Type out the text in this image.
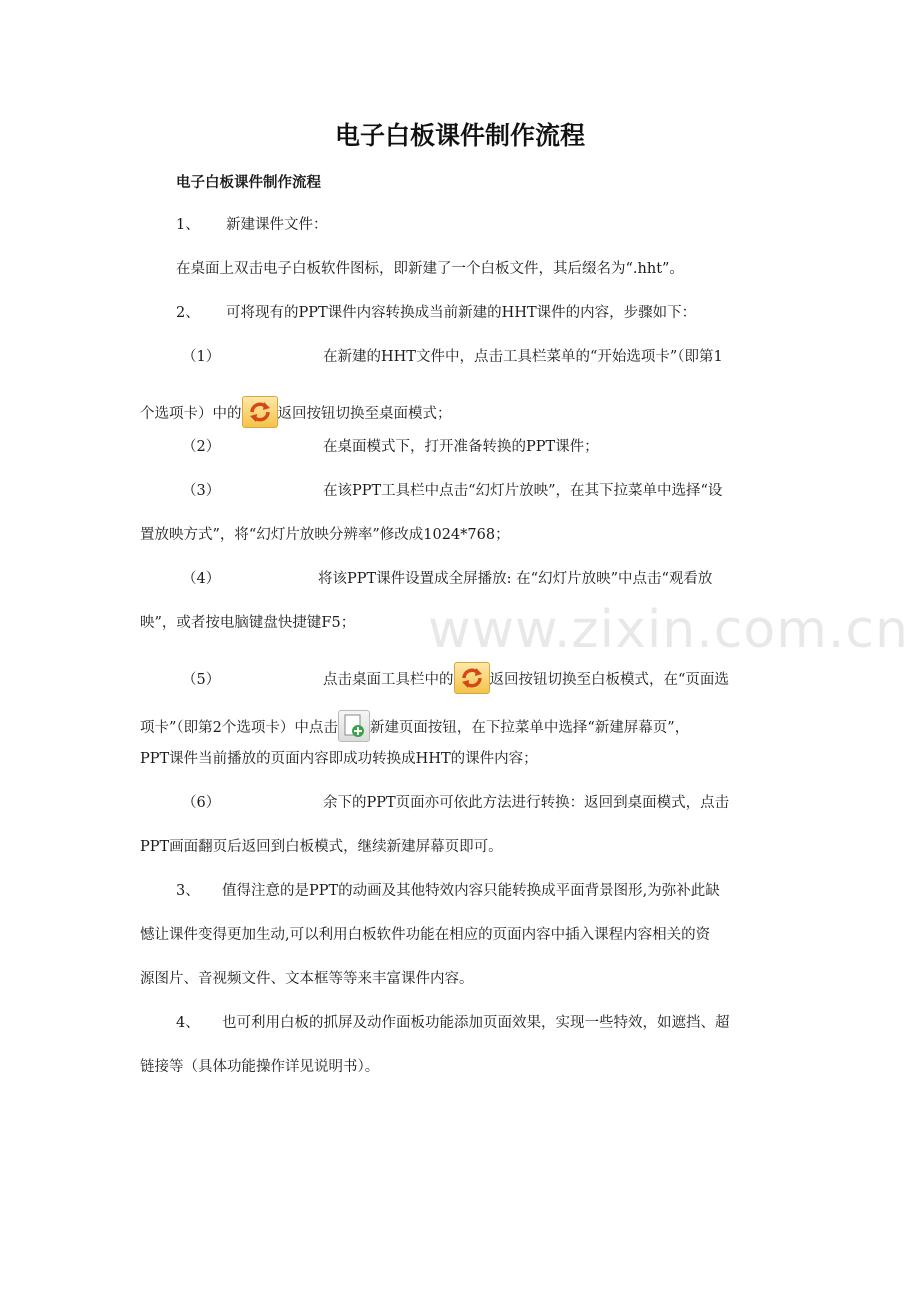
电子白板课件制作流程
电子白板课件制作流程
1、 新建课件文件：
在桌面上双击电子白板软件图标，即新建了一个白板文件，其后缀名为“.hht”。
2、 可将现有的PPT课件内容转换成当前新建的HHT课件的内容，步骤如下：
（1）	在新建的HHT文件中，点击工具栏菜单的“开始选项卡”（即第1
个选项卡）中的 返回按钮切换至桌面模式；
（2）	在桌面模式下，打开准备转换的PPT课件；
（3）	在该PPT工具栏中点击“幻灯片放映”，在其下拉菜单中选择“设
置放映方式”，将“幻灯片放映分辨率”修改成1024*768；
（4）	将该PPT课件设置成全屏播放: 在“幻灯片放映”中点击“观看放
映”，或者按电脑键盘快捷键F5； www.zixin.com.cn
（5）	点击桌面工具栏中的 返回按钮切换至白板模式，在“页面选
项卡”（即第2个选项卡）中点击 新建页面按钮，在下拉菜单中选择“新建屏幕页”，
PPT课件当前播放的页面内容即成功转换成HHT的课件内容；
（6）	余下的PPT页面亦可依此方法进行转换：返回到桌面模式，点击
PPT画面翻页后返回到白板模式，继续新建屏幕页即可。
3、 值得注意的是PPT的动画及其他特效内容只能转换成平面背景图形,为弥补此缺
憾让课件变得更加生动,可以利用白板软件功能在相应的页面内容中插入课程内容相关的资
源图片、音视频文件、文本框等等来丰富课件内容。
4、 也可利用白板的抓屏及动作面板功能添加页面效果，实现一些特效，如遮挡、超
链接等（具体功能操作详见说明书）。
